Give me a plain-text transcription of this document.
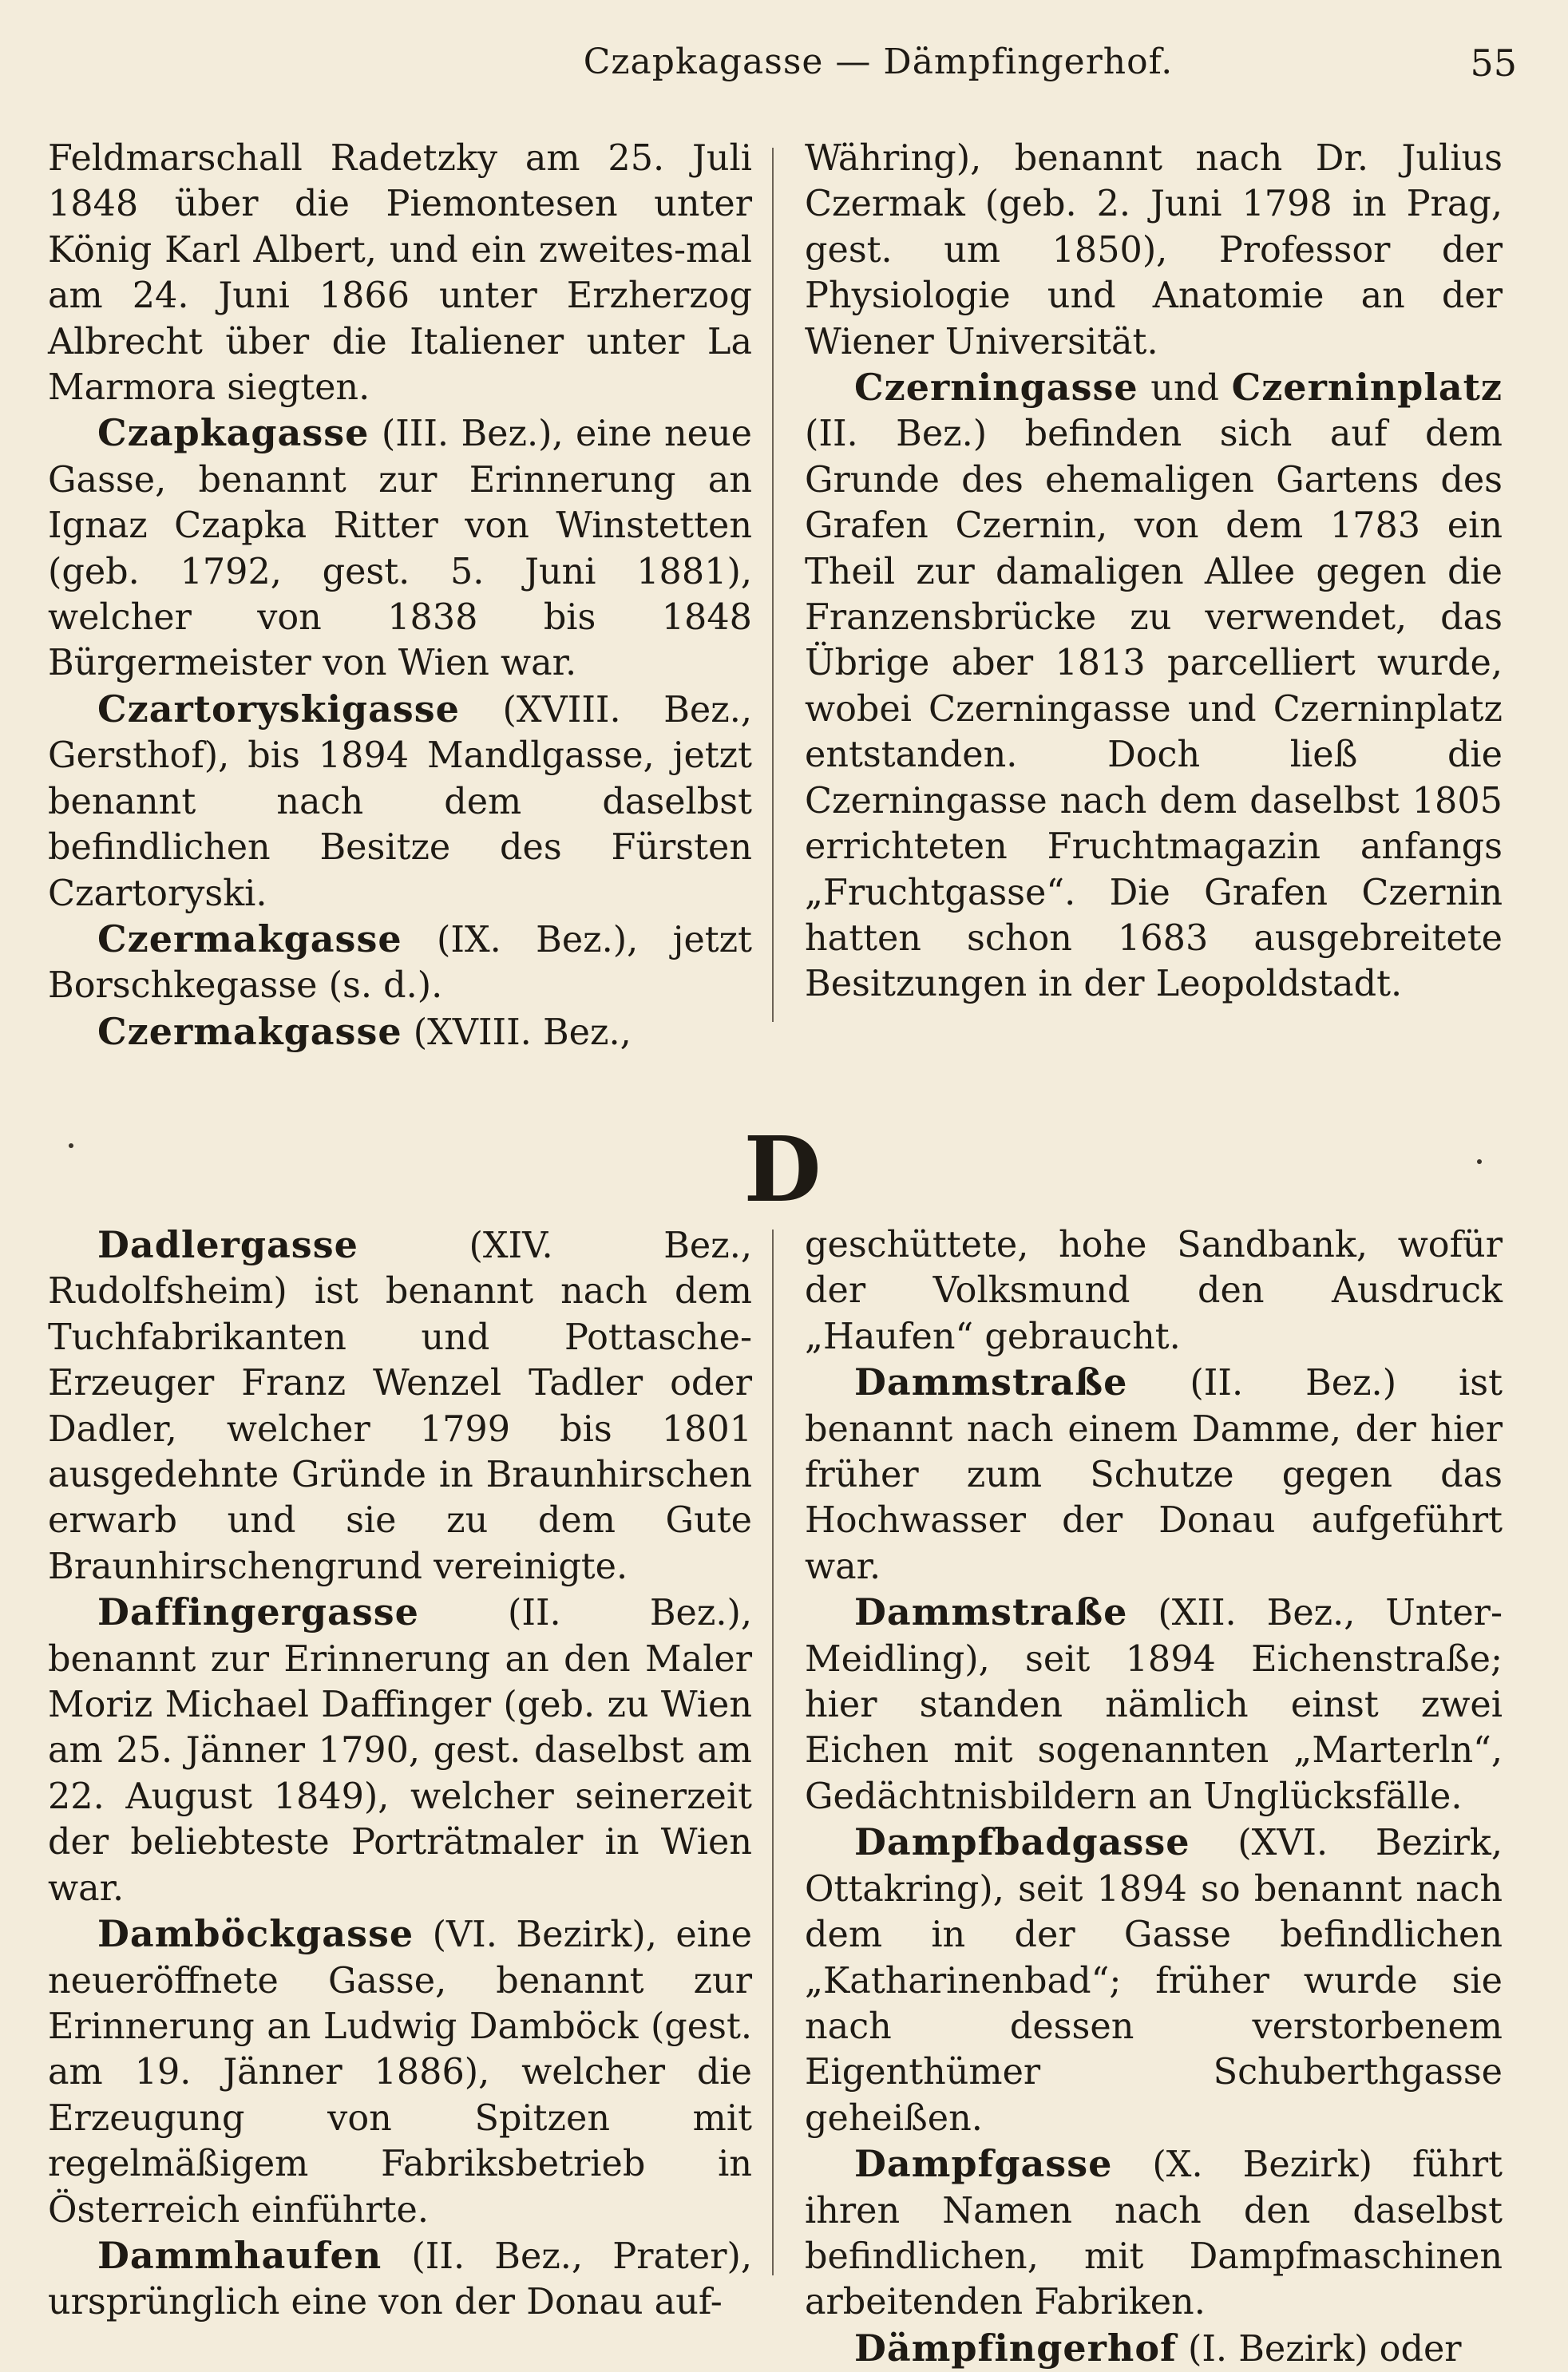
Czapkagasse — Dämpfingerhof.	55

Feldmarschall Radetzky am 25. Juli 1848 über die Piemontesen unter König Karl Albert, und ein zweites-mal am 24. Juni 1866 unter Erzherzog Albrecht über die Italiener unter La Marmora siegten.

Czapkagasse (III. Bez.), eine neue Gasse, benannt zur Erinnerung an Ignaz Czapka Ritter von Winstetten (geb. 1792, gest. 5. Juni 1881), welcher von 1838 bis 1848 Bürgermeister von Wien war.

Czartoryskigasse (XVIII. Bez., Gersthof), bis 1894 Mandlgasse, jetzt benannt nach dem daselbst befindlichen Besitze des Fürsten Czartoryski.

Czermakgasse (IX. Bez.), jetzt Borschkegasse (s. d.).

Czermakgasse (XVIII. Bez.,

Währing), benannt nach Dr. Julius Czermak (geb. 2. Juni 1798 in Prag, gest. um 1850), Professor der Physiologie und Anatomie an der Wiener Universität.

Czerningasse und Czerninplatz (II. Bez.) befinden sich auf dem Grunde des ehemaligen Gartens des Grafen Czernin, von dem 1783 ein Theil zur damaligen Allee gegen die Franzensbrücke zu verwendet, das Übrige aber 1813 parcelliert wurde, wobei Czerningasse und Czerninplatz entstanden. Doch ließ die Czerningasse nach dem daselbst 1805 errichteten Fruchtmagazin anfangs „Fruchtgasse“. Die Grafen Czernin hatten schon 1683 ausgebreitete Besitzungen in der Leopoldstadt.

D

Dadlergasse (XIV. Bez., Rudolfsheim) ist benannt nach dem Tuchfabrikanten und Pottasche-Erzeuger Franz Wenzel Tadler oder Dadler, welcher 1799 bis 1801 ausgedehnte Gründe in Braunhirschen erwarb und sie zu dem Gute Braunhirschengrund vereinigte.

Daffingergasse (II. Bez.), benannt zur Erinnerung an den Maler Moriz Michael Daffinger (geb. zu Wien am 25. Jänner 1790, gest. daselbst am 22. August 1849), welcher seinerzeit der beliebteste Porträtmaler in Wien war.

Damböckgasse (VI. Bezirk), eine neueröffnete Gasse, benannt zur Erinnerung an Ludwig Damböck (gest. am 19. Jänner 1886), welcher die Erzeugung von Spitzen mit regelmäßigem Fabriksbetrieb in Österreich einführte.

Dammhaufen (II. Bez., Prater), ursprünglich eine von der Donau auf-

geschüttete, hohe Sandbank, wofür der Volksmund den Ausdruck „Haufen“ gebraucht.

Dammstraße (II. Bez.) ist benannt nach einem Damme, der hier früher zum Schutze gegen das Hochwasser der Donau aufgeführt war.

Dammstraße (XII. Bez., Unter-Meidling), seit 1894 Eichenstraße; hier standen nämlich einst zwei Eichen mit sogenannten „Marterln“, Gedächtnisbildern an Unglücksfälle.

Dampfbadgasse (XVI. Bezirk, Ottakring), seit 1894 so benannt nach dem in der Gasse befindlichen „Katharinenbad“; früher wurde sie nach dessen verstorbenem Eigenthümer Schuberthgasse geheißen.

Dampfgasse (X. Bezirk) führt ihren Namen nach den daselbst befindlichen, mit Dampfmaschinen arbeitenden Fabriken.

Dämpfingerhof (I. Bezirk) oder
